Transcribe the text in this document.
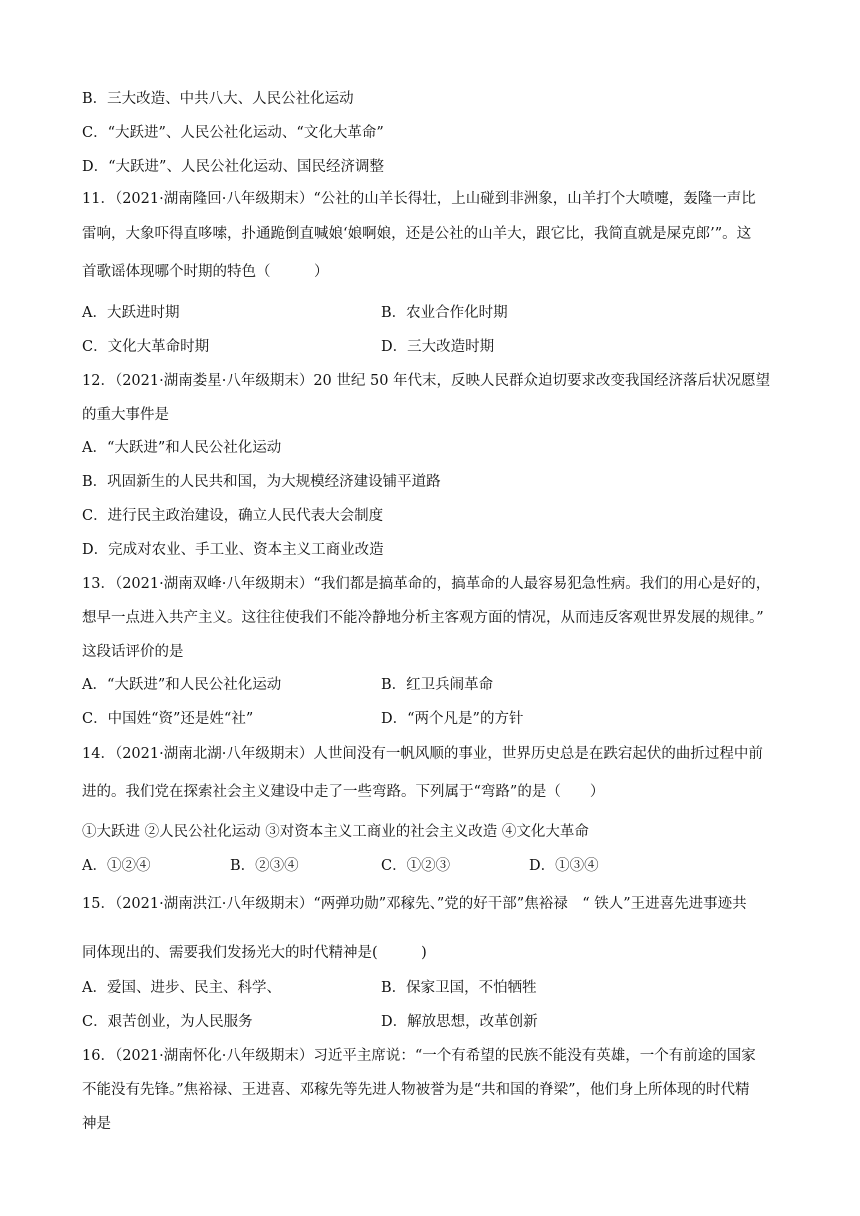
B．三大改造、中共八大、人民公社化运动
C．“大跃进”、人民公社化运动、“文化大革命”
D．“大跃进”、人民公社化运动、国民经济调整
11．（2021·湖南隆回·八年级期末）“公社的山羊长得壮，上山碰到非洲象，山羊打个大喷嚏，轰隆一声比
雷响，大象吓得直哆嗦，扑通跪倒直喊娘‘娘啊娘，还是公社的山羊大，跟它比，我简直就是屎克郎’”。这
首歌谣体现哪个时期的特色（　　　）
A．大跃进时期	B．农业合作化时期
C．文化大革命时期	D．三大改造时期
12．（2021·湖南娄星·八年级期末）20 世纪 50 年代末，反映人民群众迫切要求改变我国经济落后状况愿望
的重大事件是
A．“大跃进”和人民公社化运动
B．巩固新生的人民共和国，为大规模经济建设铺平道路
C．进行民主政治建设，确立人民代表大会制度
D．完成对农业、手工业、资本主义工商业改造
13．（2021·湖南双峰·八年级期末）“我们都是搞革命的，搞革命的人最容易犯急性病。我们的用心是好的，
想早一点进入共产主义。这往往使我们不能冷静地分析主客观方面的情况，从而违反客观世界发展的规律。”
这段话评价的是
A．“大跃进”和人民公社化运动	B．红卫兵闹革命
C．中国姓“资”还是姓“社”	D．“两个凡是”的方针
14．（2021·湖南北湖·八年级期末）人世间没有一帆风顺的事业，世界历史总是在跌宕起伏的曲折过程中前
进的。我们党在探索社会主义建设中走了一些弯路。下列属于“弯路”的是（　　）
①大跃进 ②人民公社化运动 ③对资本主义工商业的社会主义改造 ④文化大革命
A．①②④	B．②③④	C．①②③	D．①③④
15．（2021·湖南洪江·八年级期末）“两弹功勋”邓稼先、”党的好干部”焦裕禄　“ 铁人”王进喜先进事迹共
同体现出的、需要我们发扬光大的时代精神是(　　　)
A．爱国、进步、民主、科学、	B．保家卫国，不怕牺牲
C．艰苦创业，为人民服务	D．解放思想，改革创新
16．（2021·湖南怀化·八年级期末）习近平主席说：“一个有希望的民族不能没有英雄，一个有前途的国家
不能没有先锋。”焦裕禄、王进喜、邓稼先等先进人物被誉为是“共和国的脊梁”，他们身上所体现的时代精
神是
